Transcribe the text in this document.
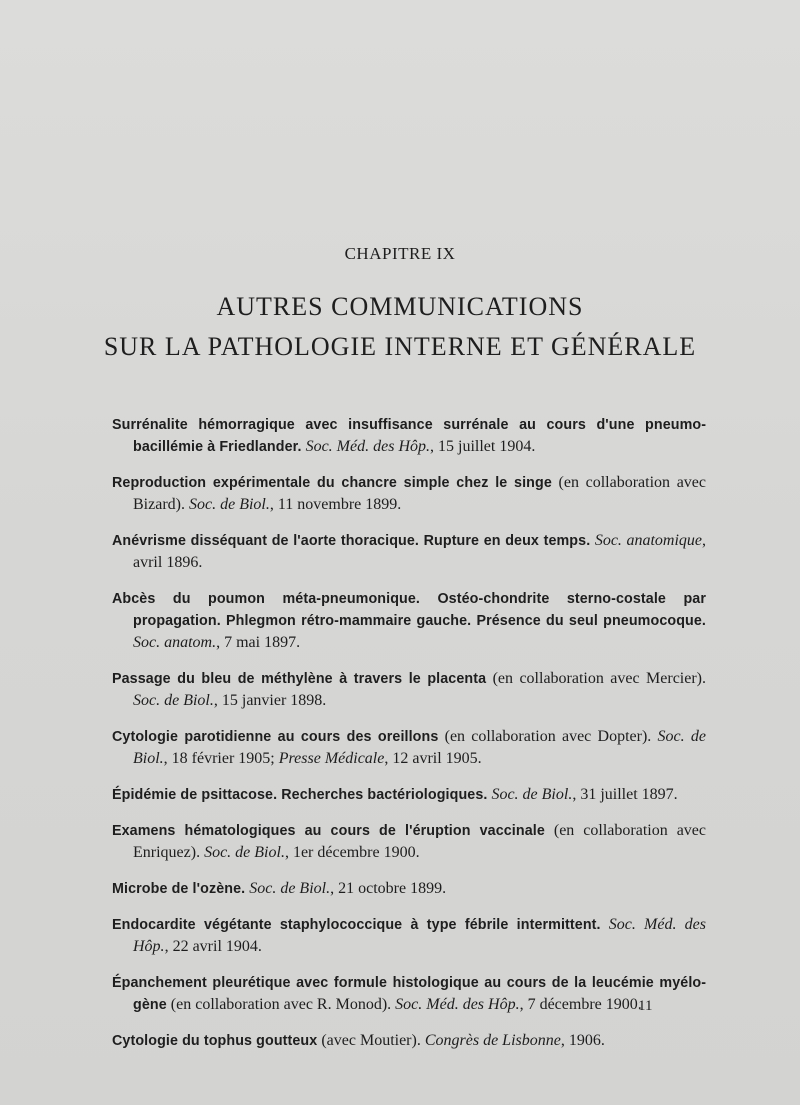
CHAPITRE IX
AUTRES COMMUNICATIONS
SUR LA PATHOLOGIE INTERNE ET GÉNÉRALE

Surrénalite hémorragique avec insuffisance surrénale au cours d'une pneumobacillémie à Friedlander. Soc. Méd. des Hôp., 15 juillet 1904.

Reproduction expérimentale du chancre simple chez le singe (en collaboration avec Bizard). Soc. de Biol., 11 novembre 1899.

Anévrisme disséquant de l'aorte thoracique. Rupture en deux temps. Soc. anatomique, avril 1896.

Abcès du poumon méta-pneumonique. Ostéo-chondrite sterno-costale par propagation. Phlegmon rétro-mammaire gauche. Présence du seul pneumocoque. Soc. anatom., 7 mai 1897.

Passage du bleu de méthylène à travers le placenta (en collaboration avec Mercier). Soc. de Biol., 15 janvier 1898.

Cytologie parotidienne au cours des oreillons (en collaboration avec Dopter). Soc. de Biol., 18 février 1905; Presse Médicale, 12 avril 1905.

Épidémie de psittacose. Recherches bactériologiques. Soc. de Biol., 31 juillet 1897.

Examens hématologiques au cours de l'éruption vaccinale (en collaboration avec Enriquez). Soc. de Biol., 1er décembre 1900.

Microbe de l'ozène. Soc. de Biol., 21 octobre 1899.

Endocardite végétante staphylococcique à type fébrile intermittent. Soc. Méd. des Hôp., 22 avril 1904.

Épanchement pleurétique avec formule histologique au cours de la leucémie myélogène (en collaboration avec R. Monod). Soc. Méd. des Hôp., 7 décembre 1900.

Cytologie du tophus goutteux (avec Moutier). Congrès de Lisbonne, 1906.

11
